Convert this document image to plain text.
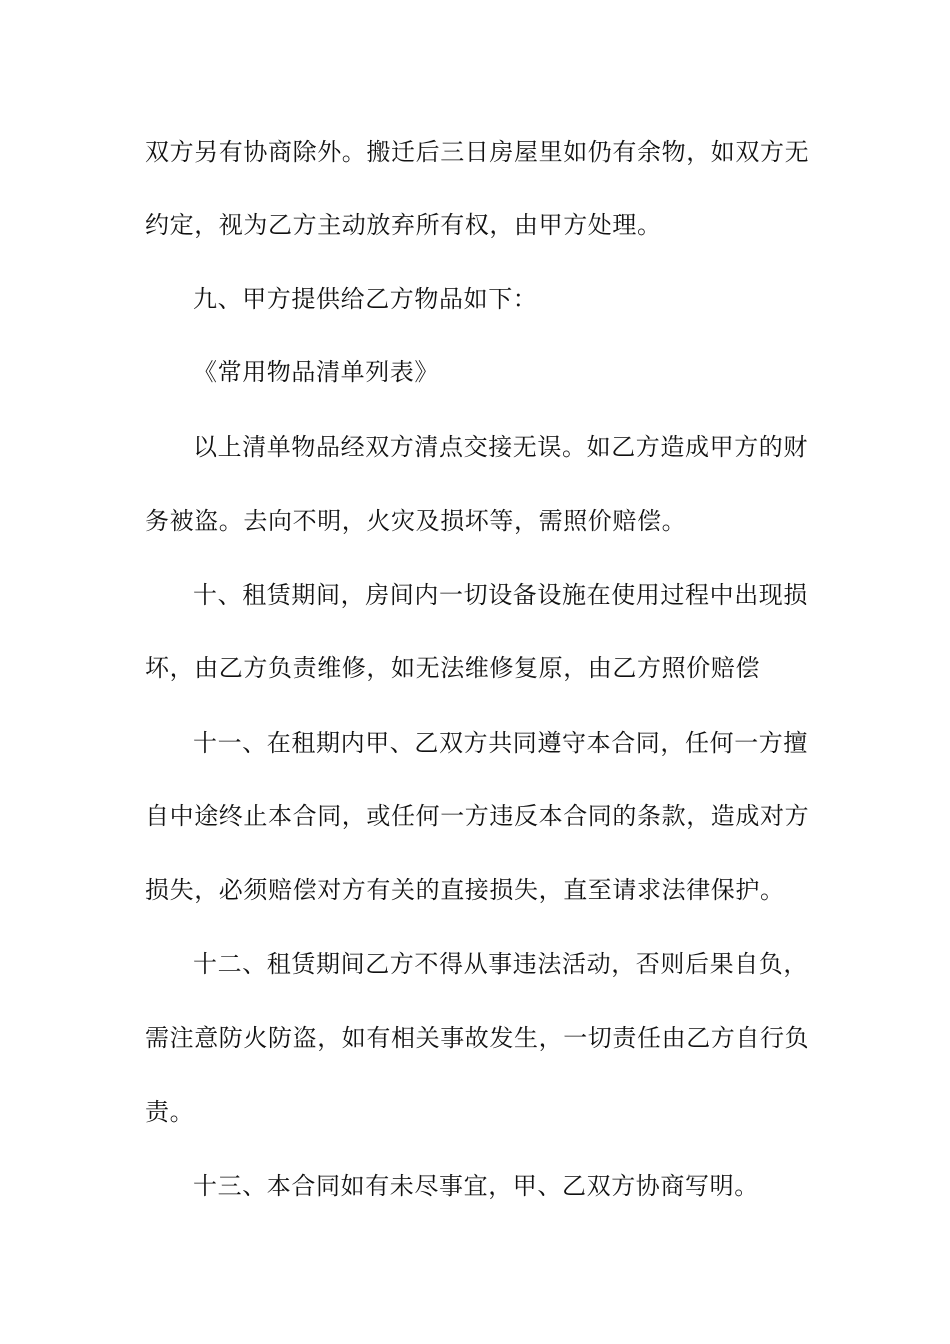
双方另有协商除外。搬迁后三日房屋里如仍有余物，如双方无
约定，视为乙方主动放弃所有权，由甲方处理。
九、甲方提供给乙方物品如下：
《常用物品清单列表》
以上清单物品经双方清点交接无误。如乙方造成甲方的财
务被盗。去向不明，火灾及损坏等，需照价赔偿。
十、租赁期间，房间内一切设备设施在使用过程中出现损
坏，由乙方负责维修，如无法维修复原，由乙方照价赔偿
十一、在租期内甲、乙双方共同遵守本合同，任何一方擅
自中途终止本合同，或任何一方违反本合同的条款，造成对方
损失，必须赔偿对方有关的直接损失，直至请求法律保护。
十二、租赁期间乙方不得从事违法活动，否则后果自负，
需注意防火防盗，如有相关事故发生，一切责任由乙方自行负
责。
十三、本合同如有未尽事宜，甲、乙双方协商写明。
